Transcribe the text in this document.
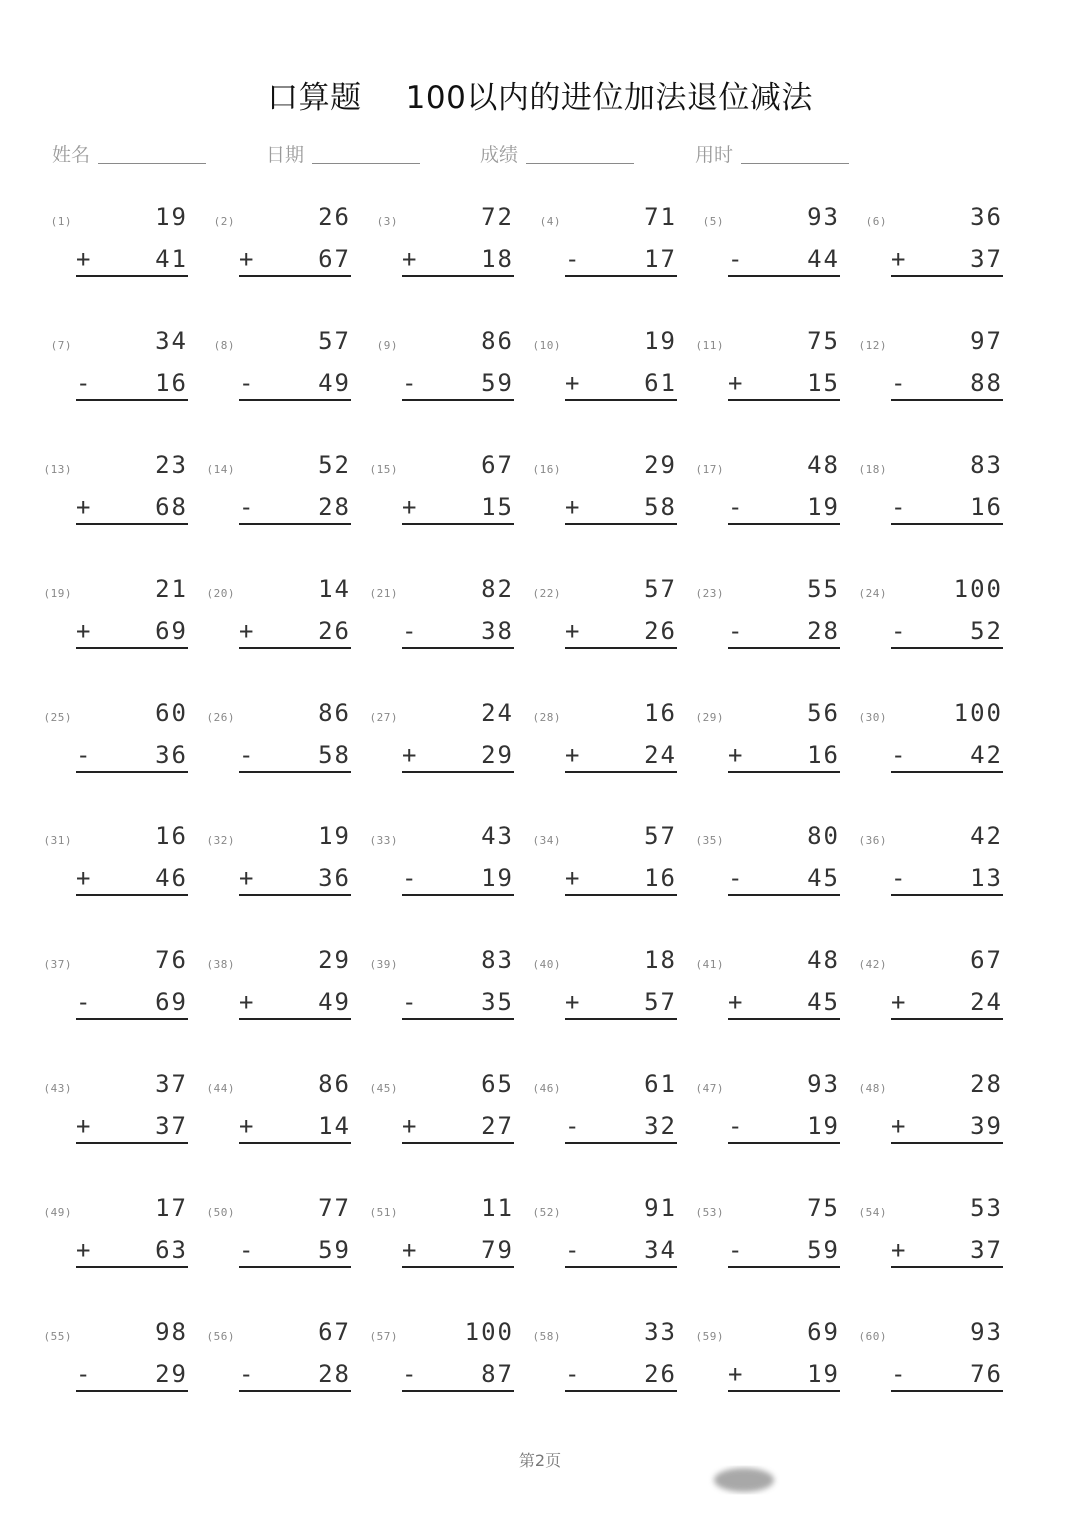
口算题 100以内的进位加法退位减法
姓名	日期	成绩	用时
(1)	19
+	41
(2)	26
+	67
(3)	72
+	18
(4)	71
-	17
(5)	93
-	44
(6)	36
+	37
(7)	34
-	16
(8)	57
-	49
(9)	86
-	59
(10)	19
+	61
(11)	75
+	15
(12)	97
-	88
(13)	23
+	68
(14)	52
-	28
(15)	67
+	15
(16)	29
+	58
(17)	48
-	19
(18)	83
-	16
(19)	21
+	69
(20)	14
+	26
(21)	82
-	38
(22)	57
+	26
(23)	55
-	28
(24)	100
-	52
(25)	60
-	36
(26)	86
-	58
(27)	24
+	29
(28)	16
+	24
(29)	56
+	16
(30)	100
-	42
(31)	16
+	46
(32)	19
+	36
(33)	43
-	19
(34)	57
+	16
(35)	80
-	45
(36)	42
-	13
(37)	76
-	69
(38)	29
+	49
(39)	83
-	35
(40)	18
+	57
(41)	48
+	45
(42)	67
+	24
(43)	37
+	37
(44)	86
+	14
(45)	65
+	27
(46)	61
-	32
(47)	93
-	19
(48)	28
+	39
(49)	17
+	63
(50)	77
-	59
(51)	11
+	79
(52)	91
-	34
(53)	75
-	59
(54)	53
+	37
(55)	98
-	29
(56)	67
-	28
(57)	100
-	87
(58)	33
-	26
(59)	69
+	19
(60)	93
-	76
第2页
